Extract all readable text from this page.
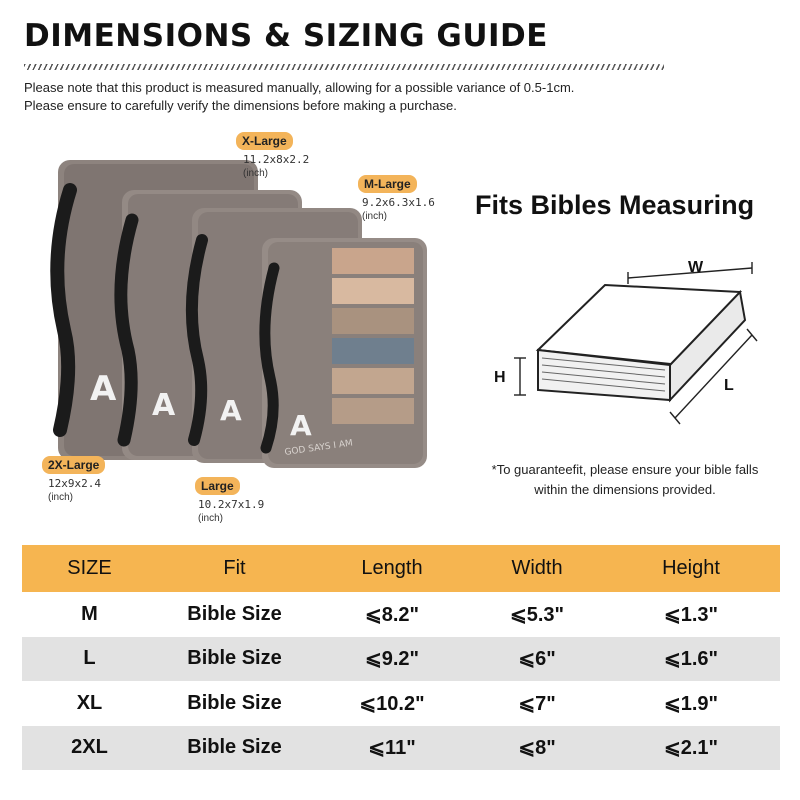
DIMENSIONS & SIZING GUIDE
Please note that this product is measured manually, allowing for a possible variance of 0.5-1cm.
Please ensure to carefully verify the dimensions before making a purchase.
A A A A
GOD SAYS I AM
X-Large
11.2x8x2.2
(inch)
M-Large
9.2x6.3x1.6
(inch)
2X-Large
12x9x2.4
(inch)
Large
10.2x7x1.9
(inch)
Fits Bibles Measuring
W
H	L
*To guaranteefit, please ensure your bible falls
within the dimensions provided.
SIZE	Fit	Length	Width	Height
M	Bible Size	⩽8.2"	⩽5.3"	⩽1.3"
L	Bible Size	⩽9.2"	⩽6"	⩽1.6"
XL	Bible Size	⩽10.2"	⩽7"	⩽1.9"
2XL	Bible Size	⩽11"	⩽8"	⩽2.1"
